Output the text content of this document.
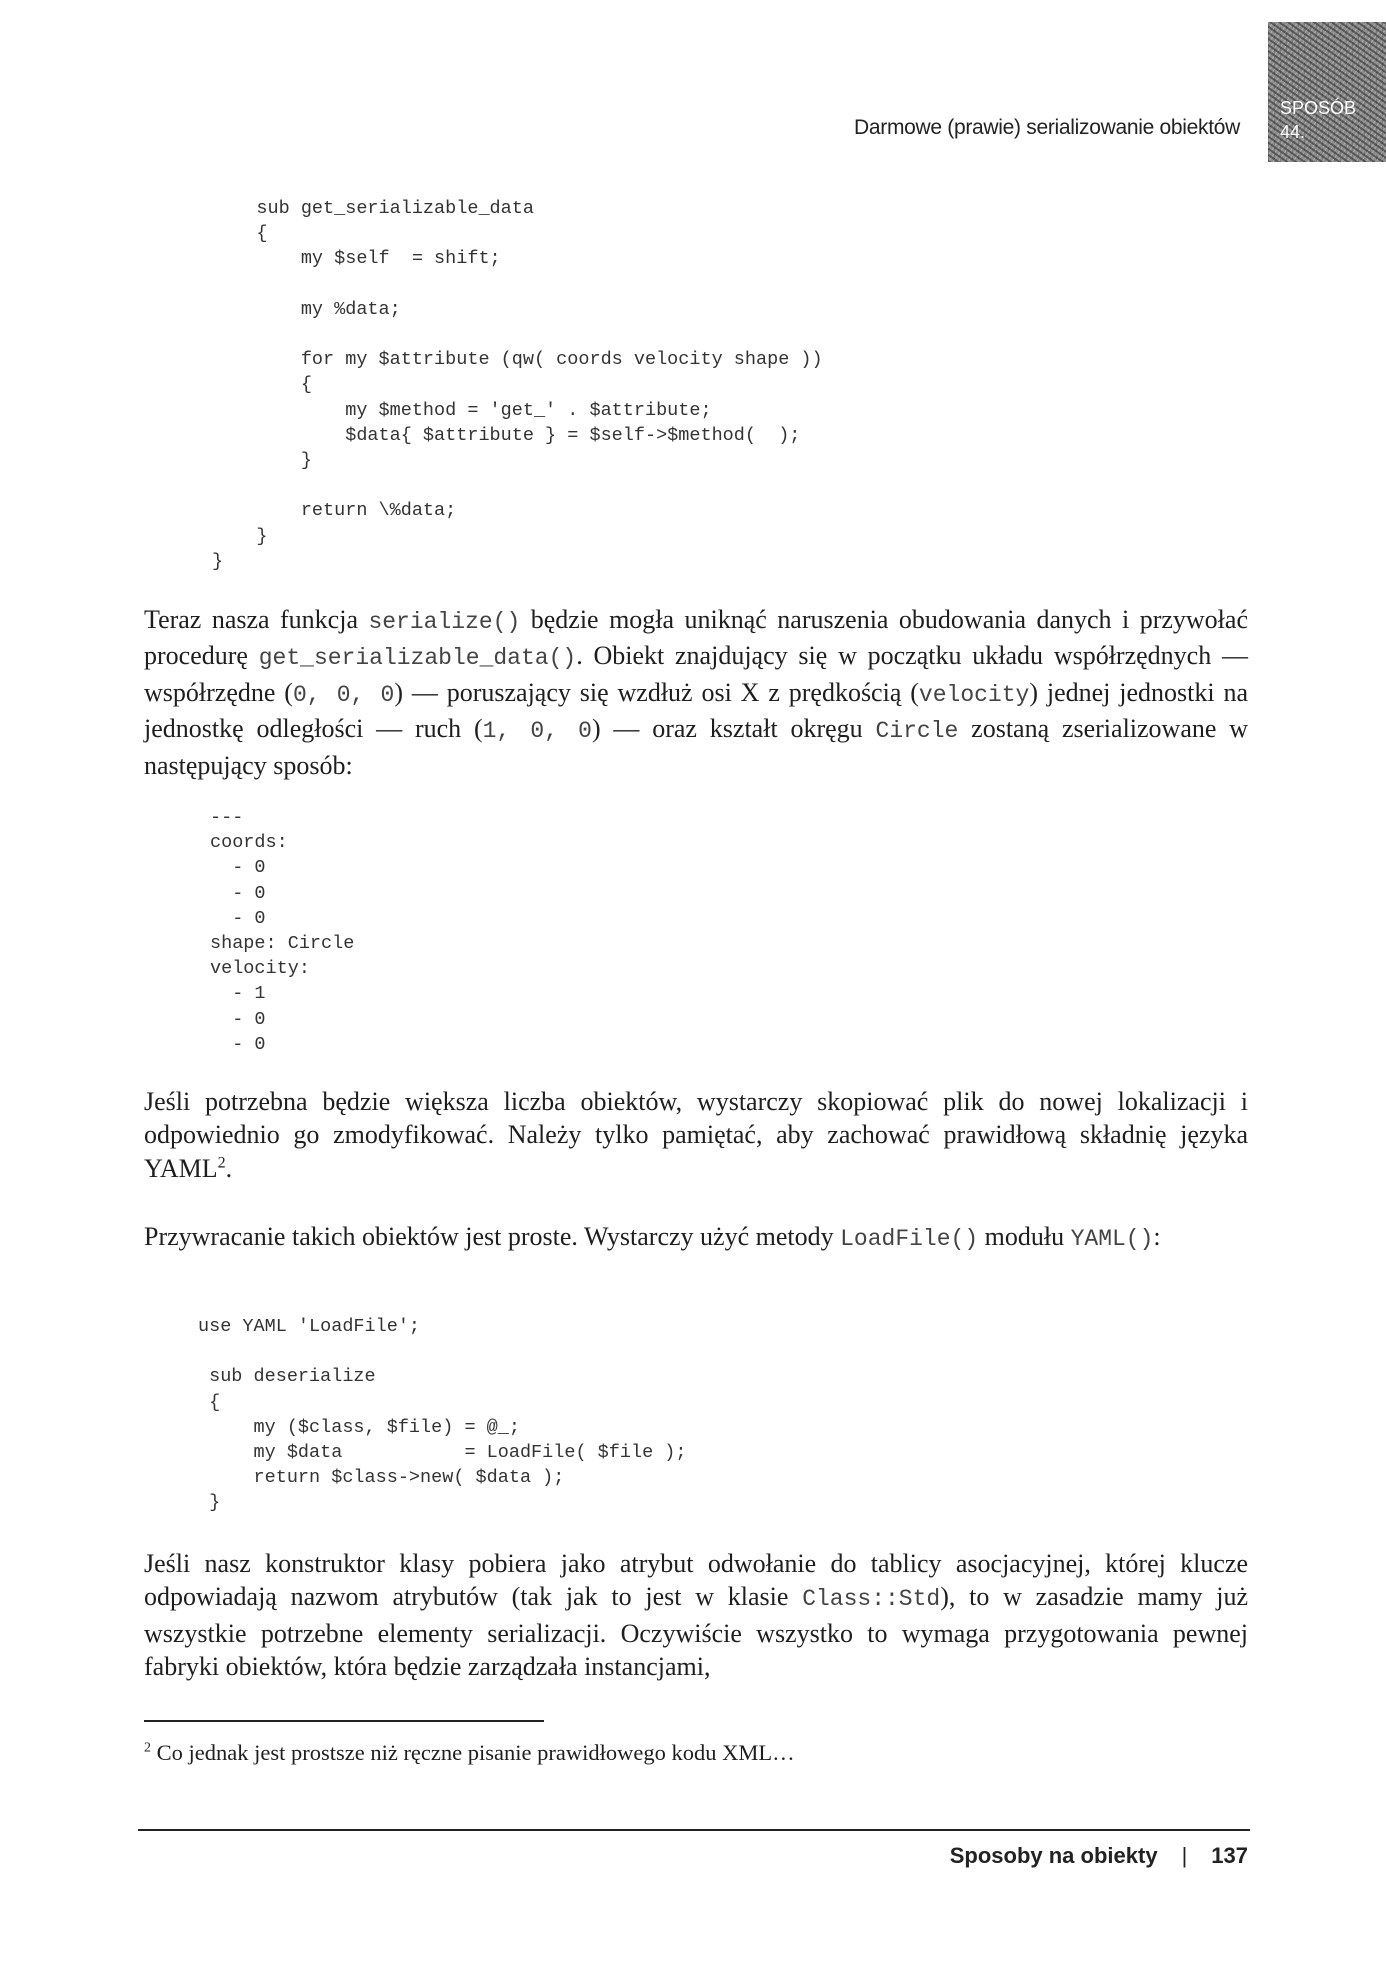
Darmowe (prawie) serializowanie obiektów
SPOSÓB
44.
sub get_serializable_data
{
my $self  = shift;

my %data;

for my $attribute (qw( coords velocity shape ))
{
my $method = 'get_' . $attribute;
$data{ $attribute } = $self->$method(  );
}

return \%data;
}
}

Teraz nasza funkcja serialize() będzie mogła uniknąć naruszenia obudowania danych i przywołać procedurę get_serializable_data(). Obiekt znajdujący się w początku układu współrzędnych — współrzędne (0, 0, 0) — poruszający się wzdłuż osi X z prędkością (velocity) jednej jednostki na jednostkę odległości — ruch (1, 0, 0) — oraz kształt okręgu Circle zostaną zserializowane w następujący sposób:

---
coords:
- 0
- 0
- 0
shape: Circle
velocity:
- 1
- 0
- 0

Jeśli potrzebna będzie większa liczba obiektów, wystarczy skopiować plik do nowej lokalizacji i odpowiednio go zmodyfikować. Należy tylko pamiętać, aby zachować prawidłową składnię języka YAML$^2$.

Przywracanie takich obiektów jest proste. Wystarczy użyć metody LoadFile() modułu YAML():

use YAML 'LoadFile';

sub deserialize
{
my ($class, $file) = @_;
my $data           = LoadFile( $file );
return $class->new( $data );
}

Jeśli nasz konstruktor klasy pobiera jako atrybut odwołanie do tablicy asocjacyjnej, której klucze odpowiadają nazwom atrybutów (tak jak to jest w klasie Class::Std), to w zasadzie mamy już wszystkie potrzebne elementy serializacji. Oczywiście wszystko to wymaga przygotowania pewnej fabryki obiektów, która będzie zarządzała instancjami,

$^2$ Co jednak jest prostsze niż ręczne pisanie prawidłowego kodu XML…

Sposoby na obiekty | 137
